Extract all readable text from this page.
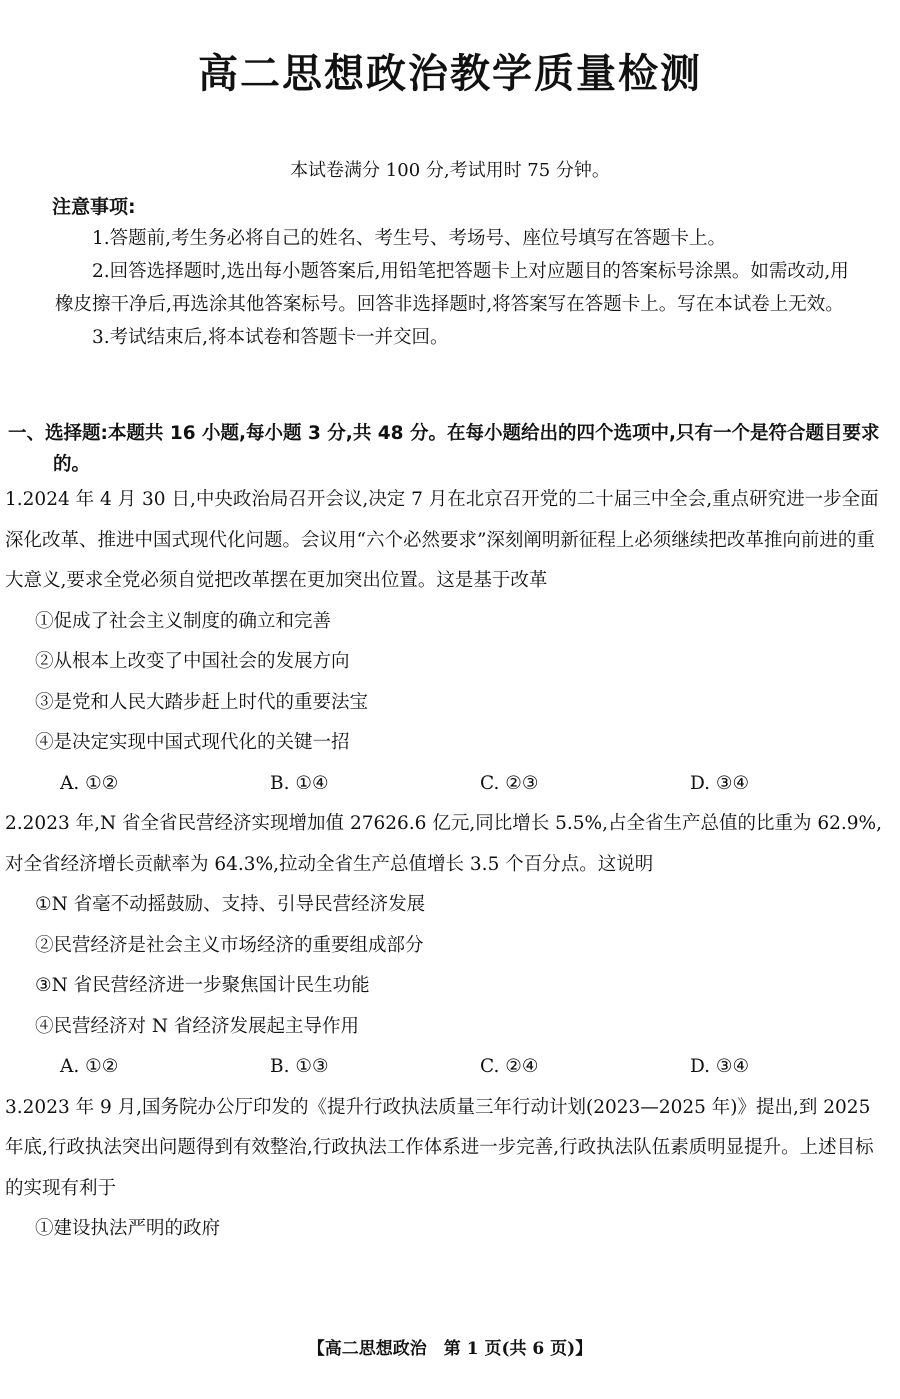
高二思想政治教学质量检测
本试卷满分 100 分,考试用时 75 分钟。
注意事项:

1.答题前,考生务必将自己的姓名、考生号、考场号、座位号填写在答题卡上。

2.回答选择题时,选出每小题答案后,用铅笔把答题卡上对应题目的答案标号涂黑。如需改动,用橡皮擦干净后,再选涂其他答案标号。回答非选择题时,将答案写在答题卡上。写在本试卷上无效。

3.考试结束后,将本试卷和答题卡一并交回。

一、选择题:本题共 16 小题,每小题 3 分,共 48 分。在每小题给出的四个选项中,只有一个是符合题目要求的。

1.2024 年 4 月 30 日,中央政治局召开会议,决定 7 月在北京召开党的二十届三中全会,重点研究进一步全面深化改革、推进中国式现代化问题。会议用“六个必然要求”深刻阐明新征程上必须继续把改革推向前进的重大意义,要求全党必须自觉把改革摆在更加突出位置。这是基于改革

①促成了社会主义制度的确立和完善

②从根本上改变了中国社会的发展方向

③是党和人民大踏步赶上时代的重要法宝

④是决定实现中国式现代化的关键一招

A. ①②	B. ①④	C. ②③	D. ③④

2.2023 年,N 省全省民营经济实现增加值 27626.6 亿元,同比增长 5.5%,占全省生产总值的比重为 62.9%,对全省经济增长贡献率为 64.3%,拉动全省生产总值增长 3.5 个百分点。这说明

①N 省毫不动摇鼓励、支持、引导民营经济发展

②民营经济是社会主义市场经济的重要组成部分

③N 省民营经济进一步聚焦国计民生功能

④民营经济对 N 省经济发展起主导作用

A. ①②	B. ①③	C. ②④	D. ③④

3.2023 年 9 月,国务院办公厅印发的《提升行政执法质量三年行动计划(2023—2025 年)》提出,到 2025 年底,行政执法突出问题得到有效整治,行政执法工作体系进一步完善,行政执法队伍素质明显提升。上述目标的实现有利于

①建设执法严明的政府

【高二思想政治　第 1 页(共 6 页)】
